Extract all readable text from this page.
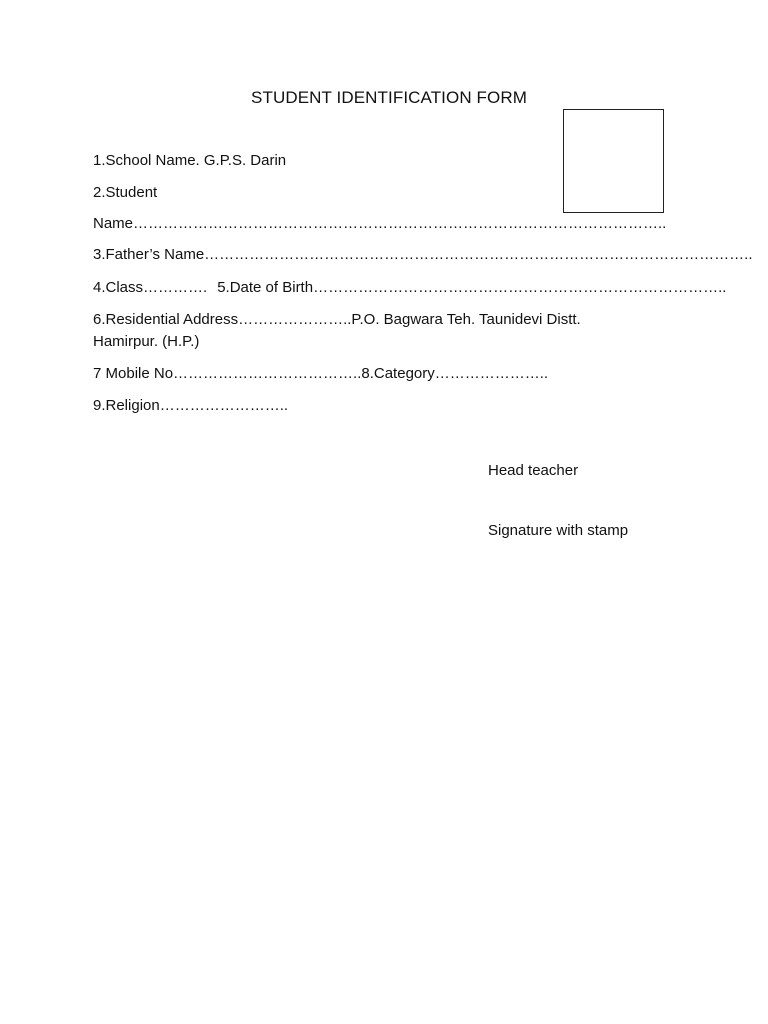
STUDENT IDENTIFICATION FORM
1.School Name. G.P.S. Darin
2.Student
Name……………………………………………………………………………………………..
3.Father’s Name………………………………………………………………………………………………..
4.Class…………. 5.Date of Birth………………………………………………………………………..
6.Residential Address…………………..P.O. Bagwara Teh. Taunidevi Distt.
Hamirpur. (H.P.)
7 Mobile No………………………………..8.Category…………………..
9.Religion……………………..
Head teacher
Signature with stamp
